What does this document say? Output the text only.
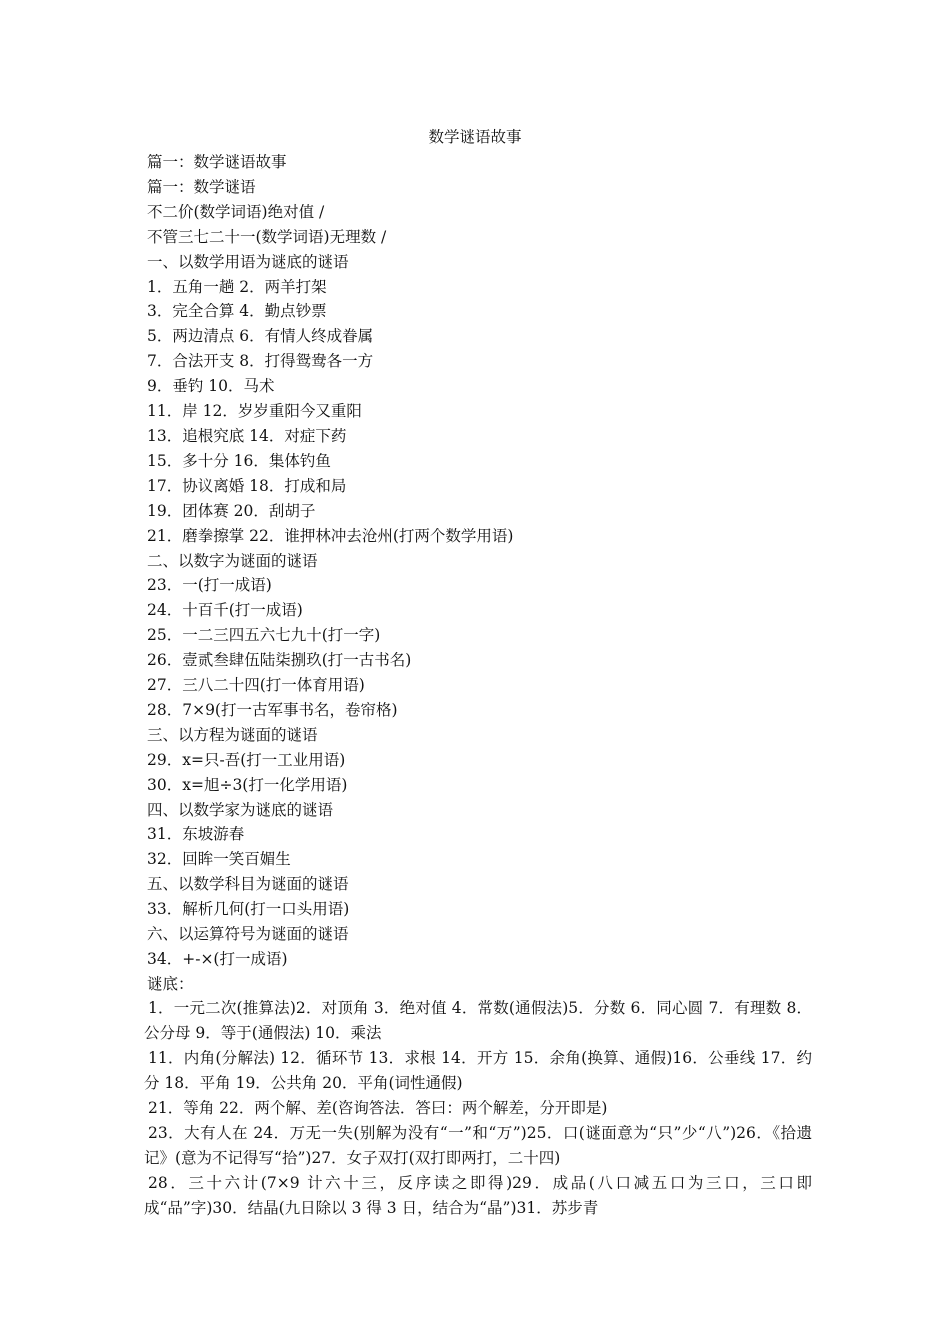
数学谜语故事
篇一：数学谜语故事
篇一：数学谜语
不二价(数学词语)绝对值 /
不管三七二十一(数学词语)无理数 /
一、以数学用语为谜底的谜语
1．五角一趟 2．两羊打架
3．完全合算 4．勤点钞票
5．两边清点 6．有情人终成眷属
7．合法开支 8．打得鸳鸯各一方
9．垂钓 10．马术
11．岸 12．岁岁重阳今又重阳
13．追根究底 14．对症下药
15．多十分 16．集体钓鱼
17．协议离婚 18．打成和局
19．团体赛 20．刮胡子
21．磨拳擦掌 22．谁押林冲去沧州(打两个数学用语)
二、以数字为谜面的谜语
23．一(打一成语)
24．十百千(打一成语)
25．一二三四五六七九十(打一字)
26．壹贰叁肆伍陆柒捌玖(打一古书名)
27．三八二十四(打一体育用语)
28．7×9(打一古军事书名，卷帘格)
三、以方程为谜面的谜语
29．x=只-吾(打一工业用语)
30．x=旭÷3(打一化学用语)
四、以数学家为谜底的谜语
31．东坡游春
32．回眸一笑百媚生
五、以数学科目为谜面的谜语
33．解析几何(打一口头用语)
六、以运算符号为谜面的谜语
34．+-×(打一成语)
谜底：
1．一元二次(推算法)2．对顶角 3．绝对值 4．常数(通假法)5．分数 6．同心圆 7．有理数 8．公分母 9．等于(通假法) 10．乘法
11．内角(分解法) 12．循环节 13．求根 14．开方 15．余角(换算、通假)16．公垂线 17．约分 18．平角 19．公共角 20．平角(词性通假)
21．等角 22．两个解、差(咨询答法．答曰：两个解差，分开即是)
23．大有人在 24．万无一失(别解为没有“一”和“万”)25．口(谜面意为“只”少“八”)26．《拾遗记》(意为不记得写“拾”)27．女子双打(双打即两打，二十四)
28．三十六计(7×9 计六十三，反序读之即得)29．成品(八口减五口为三口，三口即成“品”字)30．结晶(九日除以 3 得 3 日，结合为“晶”)31．苏步青
